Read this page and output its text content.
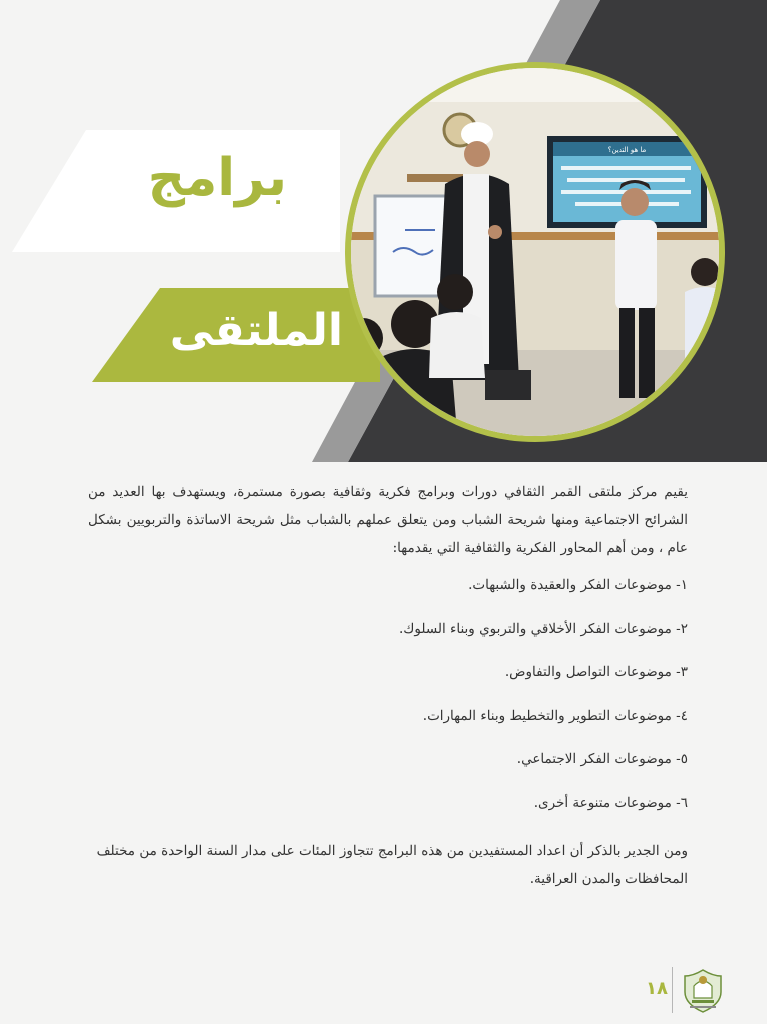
ما هو التدين؟
برامج
الملتقى

يقيم مركز ملتقى القمر الثقافي دورات وبرامج فكرية وثقافية بصورة مستمرة، ويستهدف بها العديد من الشرائح الاجتماعية ومنها شريحة الشباب ومن يتعلق عملهم بالشباب مثل شريحة الاساتذة والتربويين بشكل عام ، ومن أهم المحاور الفكرية والثقافية التي يقدمها:

١- موضوعات الفكر والعقيدة والشبهات.

٢- موضوعات الفكر الأخلاقي والتربوي وبناء السلوك.

٣- موضوعات التواصل والتفاوض.

٤- موضوعات التطوير والتخطيط وبناء المهارات.

٥- موضوعات الفكر الاجتماعي.

٦- موضوعات متنوعة أخرى.

ومن الجدير بالذكر أن اعداد المستفيدين من هذه البرامج تتجاوز المئات على مدار السنة الواحدة من مختلف المحافظات والمدن العراقية.

١٨
